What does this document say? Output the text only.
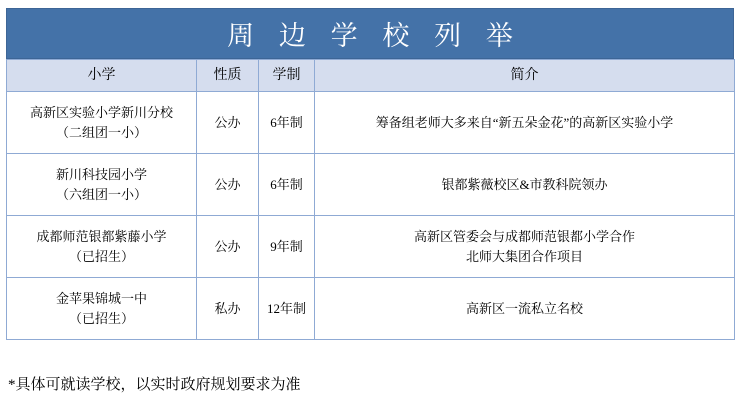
周 边 学 校 列 举
小学	性质	学制	简介

高新区实验小学新川分校
（二组团一小）	公办	6年制	筹备组老师大多来自“新五朵金花”的高新区实验小学

新川科技园小学
（六组团一小）	公办	6年制	银都紫薇校区&市教科院领办

成都师范银都紫藤小学
（已招生）	公办	9年制	高新区管委会与成都师范银都小学合作
北师大集团合作项目

金苹果锦城一中
（已招生）	私办	12年制	高新区一流私立名校
*具体可就读学校，以实时政府规划要求为准
